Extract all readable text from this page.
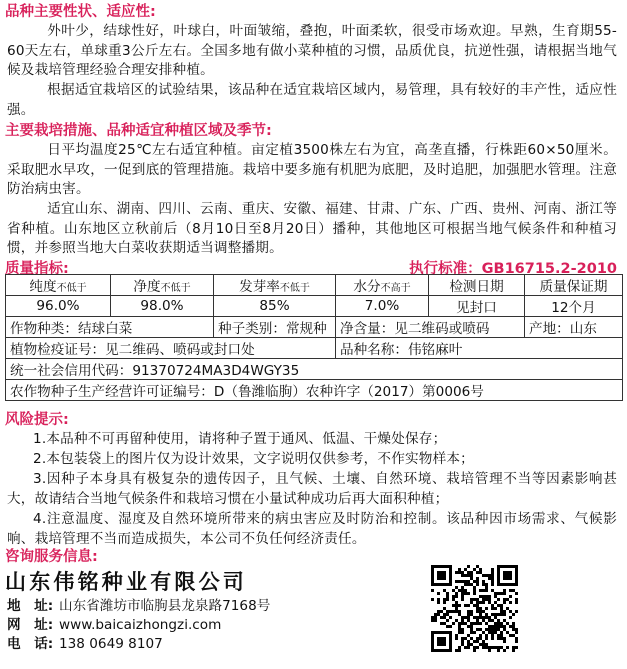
品种主要性状、适应性:
外叶少，结球性好，叶球白，叶面皱缩，叠抱，叶面柔软，很受市场欢迎。早熟，生育期55-60天左右，单球重3公斤左右。全国多地有做小菜种植的习惯，品质优良，抗逆性强，请根据当地气候及栽培管理经验合理安排种植。
根据适宜栽培区的试验结果，该品种在适宜栽培区域内，易管理，具有较好的丰产性，适应性强。
主要栽培措施、品种适宜种植区域及季节:
日平均温度25℃左右适宜种植。亩定植3500株左右为宜，高垄直播，行株距60×50厘米。采取肥水早攻，一促到底的管理措施。栽培中要多施有机肥为底肥，及时追肥，加强肥水管理。注意防治病虫害。
适宜山东、湖南、四川、云南、重庆、安徽、福建、甘肃、广东、广西、贵州、河南、浙江等省种植。山东地区立秋前后（8月10日至8月20日）播种，其他地区可根据当地气候条件和种植习惯，并参照当地大白菜收获期适当调整播期。
质量指标:	执行标准：GB16715.2-2010
纯度不低于	净度不低于	发芽率不低于	水分不高于	检测日期	质量保证期
96.0%	98.0%	85%	7.0%	见封口	12个月
作物种类：结球白菜		种子类别：常规种	净含量：见二维码或喷码		产地：山东
植物检疫证号：见二维码、喷码或封口处			品种名称：伟铭麻叶		
统一社会信用代码：91370724MA3D4WGY35					
农作物种子生产经营许可证编号：D（鲁潍临朐）农种许字（2017）第0006号					
风险提示:
1.本品种不可再留种使用，请将种子置于通风、低温、干燥处保存；
2.本包装袋上的图片仅为设计效果，文字说明仅供参考，不作实物样本；
3.因种子本身具有极复杂的遗传因子，且气候、土壤、自然环境、栽培管理不当等因素影响甚大，故请结合当地气候条件和栽培习惯在小量试种成功后再大面积种植；
4.注意温度、湿度及自然环境所带来的病虫害应及时防治和控制。该品种因市场需求、气候影响、栽培管理不当而造成损失，本公司不负任何经济责任。
咨询服务信息:
山东伟铭种业有限公司
地　址: 山东省潍坊市临朐县龙泉路7168号
网　址: www.baicaizhongzi.com
电　话: 138 0649 8107
